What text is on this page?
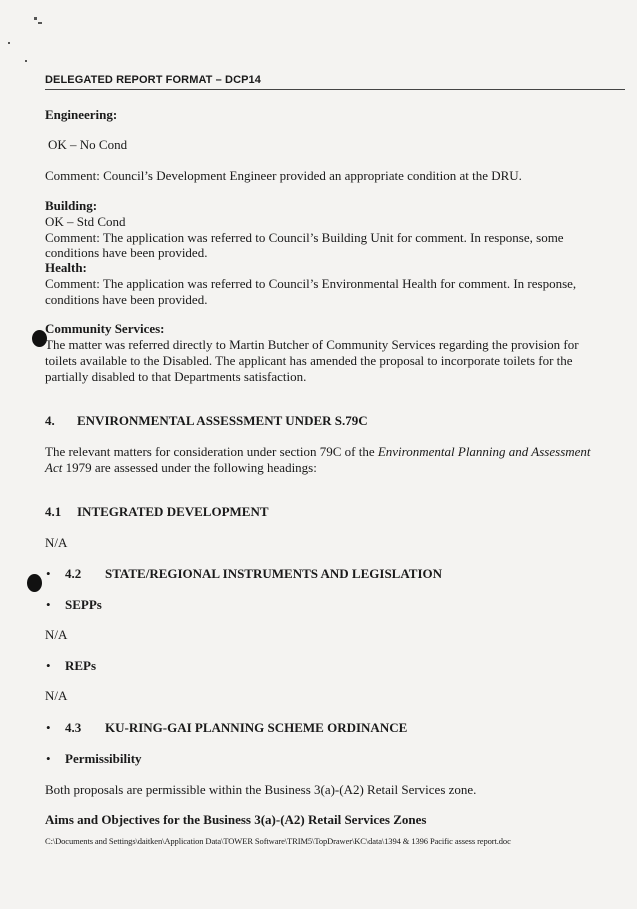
DELEGATED REPORT FORMAT – DCP14
Engineering:
OK – No Cond
Comment: Council’s Development Engineer provided an appropriate condition at the DRU.
Building:
OK – Std Cond
Comment: The application was referred to Council’s Building Unit for comment. In response, some
conditions have been provided.
Health:
Comment: The application was referred to Council’s Environmental Health for comment. In response,
conditions have been provided.
Community Services:
The matter was referred directly to Martin Butcher of Community Services regarding the provision for
toilets available to the Disabled. The applicant has amended the proposal to incorporate toilets for the
partially disabled to that Departments satisfaction.
4. ENVIRONMENTAL ASSESSMENT UNDER S.79C
The relevant matters for consideration under section 79C of the Environmental Planning and Assessment
Act 1979 are assessed under the following headings:
4.1 INTEGRATED DEVELOPMENT
N/A
• 4.2 STATE/REGIONAL INSTRUMENTS AND LEGISLATION
• SEPPs
N/A
• REPs
N/A
• 4.3 KU-RING-GAI PLANNING SCHEME ORDINANCE
• Permissibility
Both proposals are permissible within the Business 3(a)-(A2) Retail Services zone.
Aims and Objectives for the Business 3(a)-(A2) Retail Services Zones
C:\Documents and Settings\daitken\Application Data\TOWER Software\TRIM5\TopDrawer\KC\data\1394 & 1396 Pacific assess report.doc
